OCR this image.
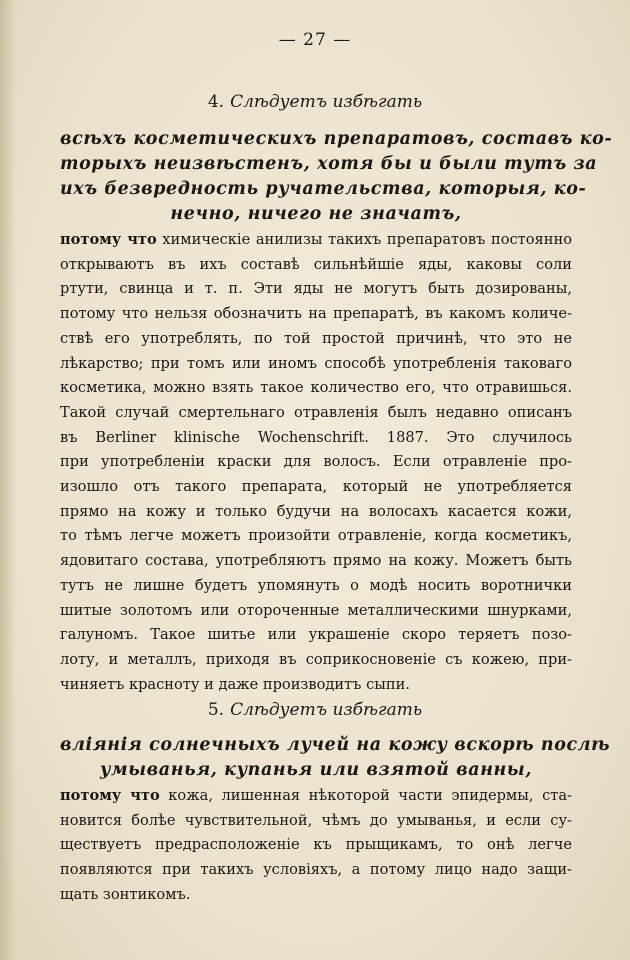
— 27 —
4. Слѣдуетъ избѣгать
всѣхъ косметическихъ препаратовъ, составъ ко-
торыхъ неизвѣстенъ, хотя бы и были тутъ за
ихъ безвредность ручательства, которыя, ко-
нечно, ничего не значатъ,
потому что химическіе анилизы такихъ препаратовъ постоянно
открываютъ въ ихъ составѣ сильнѣйшіе яды, каковы соли
ртути, свинца и т. п. Эти яды не могутъ быть дозированы,
потому что нельзя обозначить на препаратѣ, въ какомъ количе-
ствѣ его употреблять, по той простой причинѣ, что это не
лѣкарство; при томъ или иномъ способѣ употребленія таковаго
косметика, можно взять такое количество его, что отравишься.
Такой случай смертельнаго отравленія былъ недавно описанъ
въ Berliner klinische Wochenschrift. 1887. Это случилось
при употребленіи краски для волосъ. Если отравленіе про-
изошло отъ такого препарата, который не употребляется
прямо на кожу и только будучи на волосахъ касается кожи,
то тѣмъ легче можетъ произойти отравленіе, когда косметикъ,
ядовитаго состава, употребляютъ прямо на кожу. Можетъ быть
тутъ не лишне будетъ упомянуть о модѣ носить воротнички
шитые золотомъ или отороченные металлическими шнурками,
галуномъ. Такое шитье или украшеніе скоро теряетъ позо-
лоту, и металлъ, приходя въ соприкосновеніе съ кожею, при-
чиняетъ красноту и даже производитъ сыпи.
5. Слѣдуетъ избѣгать
вліянія солнечныхъ лучей на кожу вскорѣ послѣ
умыванья, купанья или взятой ванны,
потому что кожа, лишенная нѣкоторой части эпидермы, ста-
новится болѣе чувствительной, чѣмъ до умыванья, и если су-
ществуетъ предрасположеніе къ прыщикамъ, то онѣ легче
появляются при такихъ условіяхъ, а потому лицо надо защи-
щать зонтикомъ.
